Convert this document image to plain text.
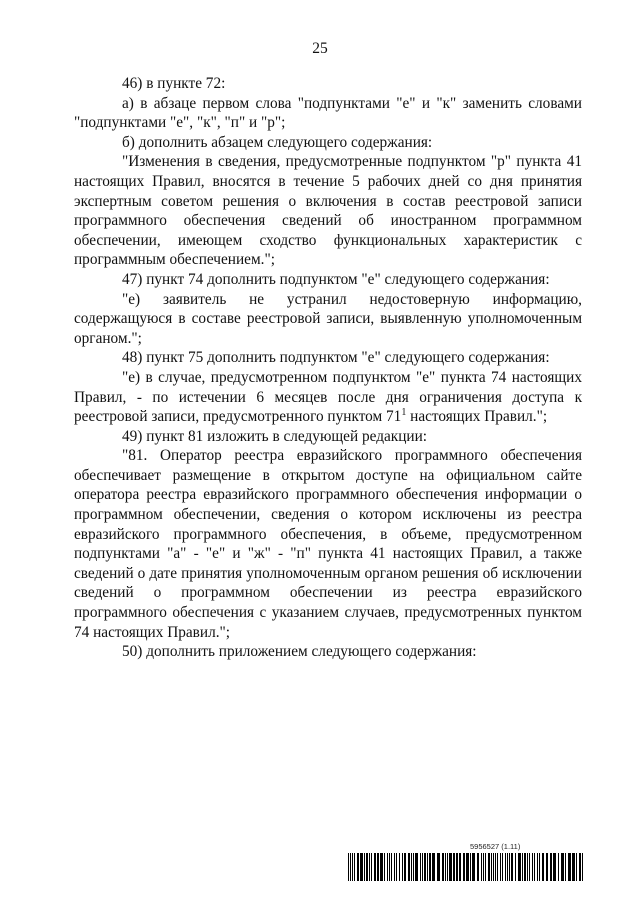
25

46) в пункте 72:

а) в абзаце первом слова "подпунктами "е" и "к" заменить словами "подпунктами "е", "к", "п" и "р";

б) дополнить абзацем следующего содержания:

"Изменения в сведения, предусмотренные подпунктом "р" пункта 41 настоящих Правил, вносятся в течение 5 рабочих дней со дня принятия экспертным советом решения о включения в состав реестровой записи программного обеспечения сведений об иностранном программном обеспечении, имеющем сходство функциональных характеристик с программным обеспечением.";

47) пункт 74 дополнить подпунктом "е" следующего содержания:

"е) заявитель не устранил недостоверную информацию, содержащуюся в составе реестровой записи, выявленную уполномоченным органом.";

48) пункт 75 дополнить подпунктом "е" следующего содержания:

"е) в случае, предусмотренном подпунктом "е" пункта 74 настоящих Правил, - по истечении 6 месяцев после дня ограничения доступа к реестровой записи, предусмотренного пунктом $71^1$ настоящих Правил.";

49) пункт 81 изложить в следующей редакции:

"81. Оператор реестра евразийского программного обеспечения обеспечивает размещение в открытом доступе на официальном сайте оператора реестра евразийского программного обеспечения информации о программном обеспечении, сведения о котором исключены из реестра евразийского программного обеспечения, в объеме, предусмотренном подпунктами "а" - "е" и "ж" - "п" пункта 41 настоящих Правил, а также сведений о дате принятия уполномоченным органом решения об исключении сведений о программном обеспечении из реестра евразийского программного обеспечения с указанием случаев, предусмотренных пунктом 74 настоящих Правил.";

50) дополнить приложением следующего содержания:

5956527 (1.11)
